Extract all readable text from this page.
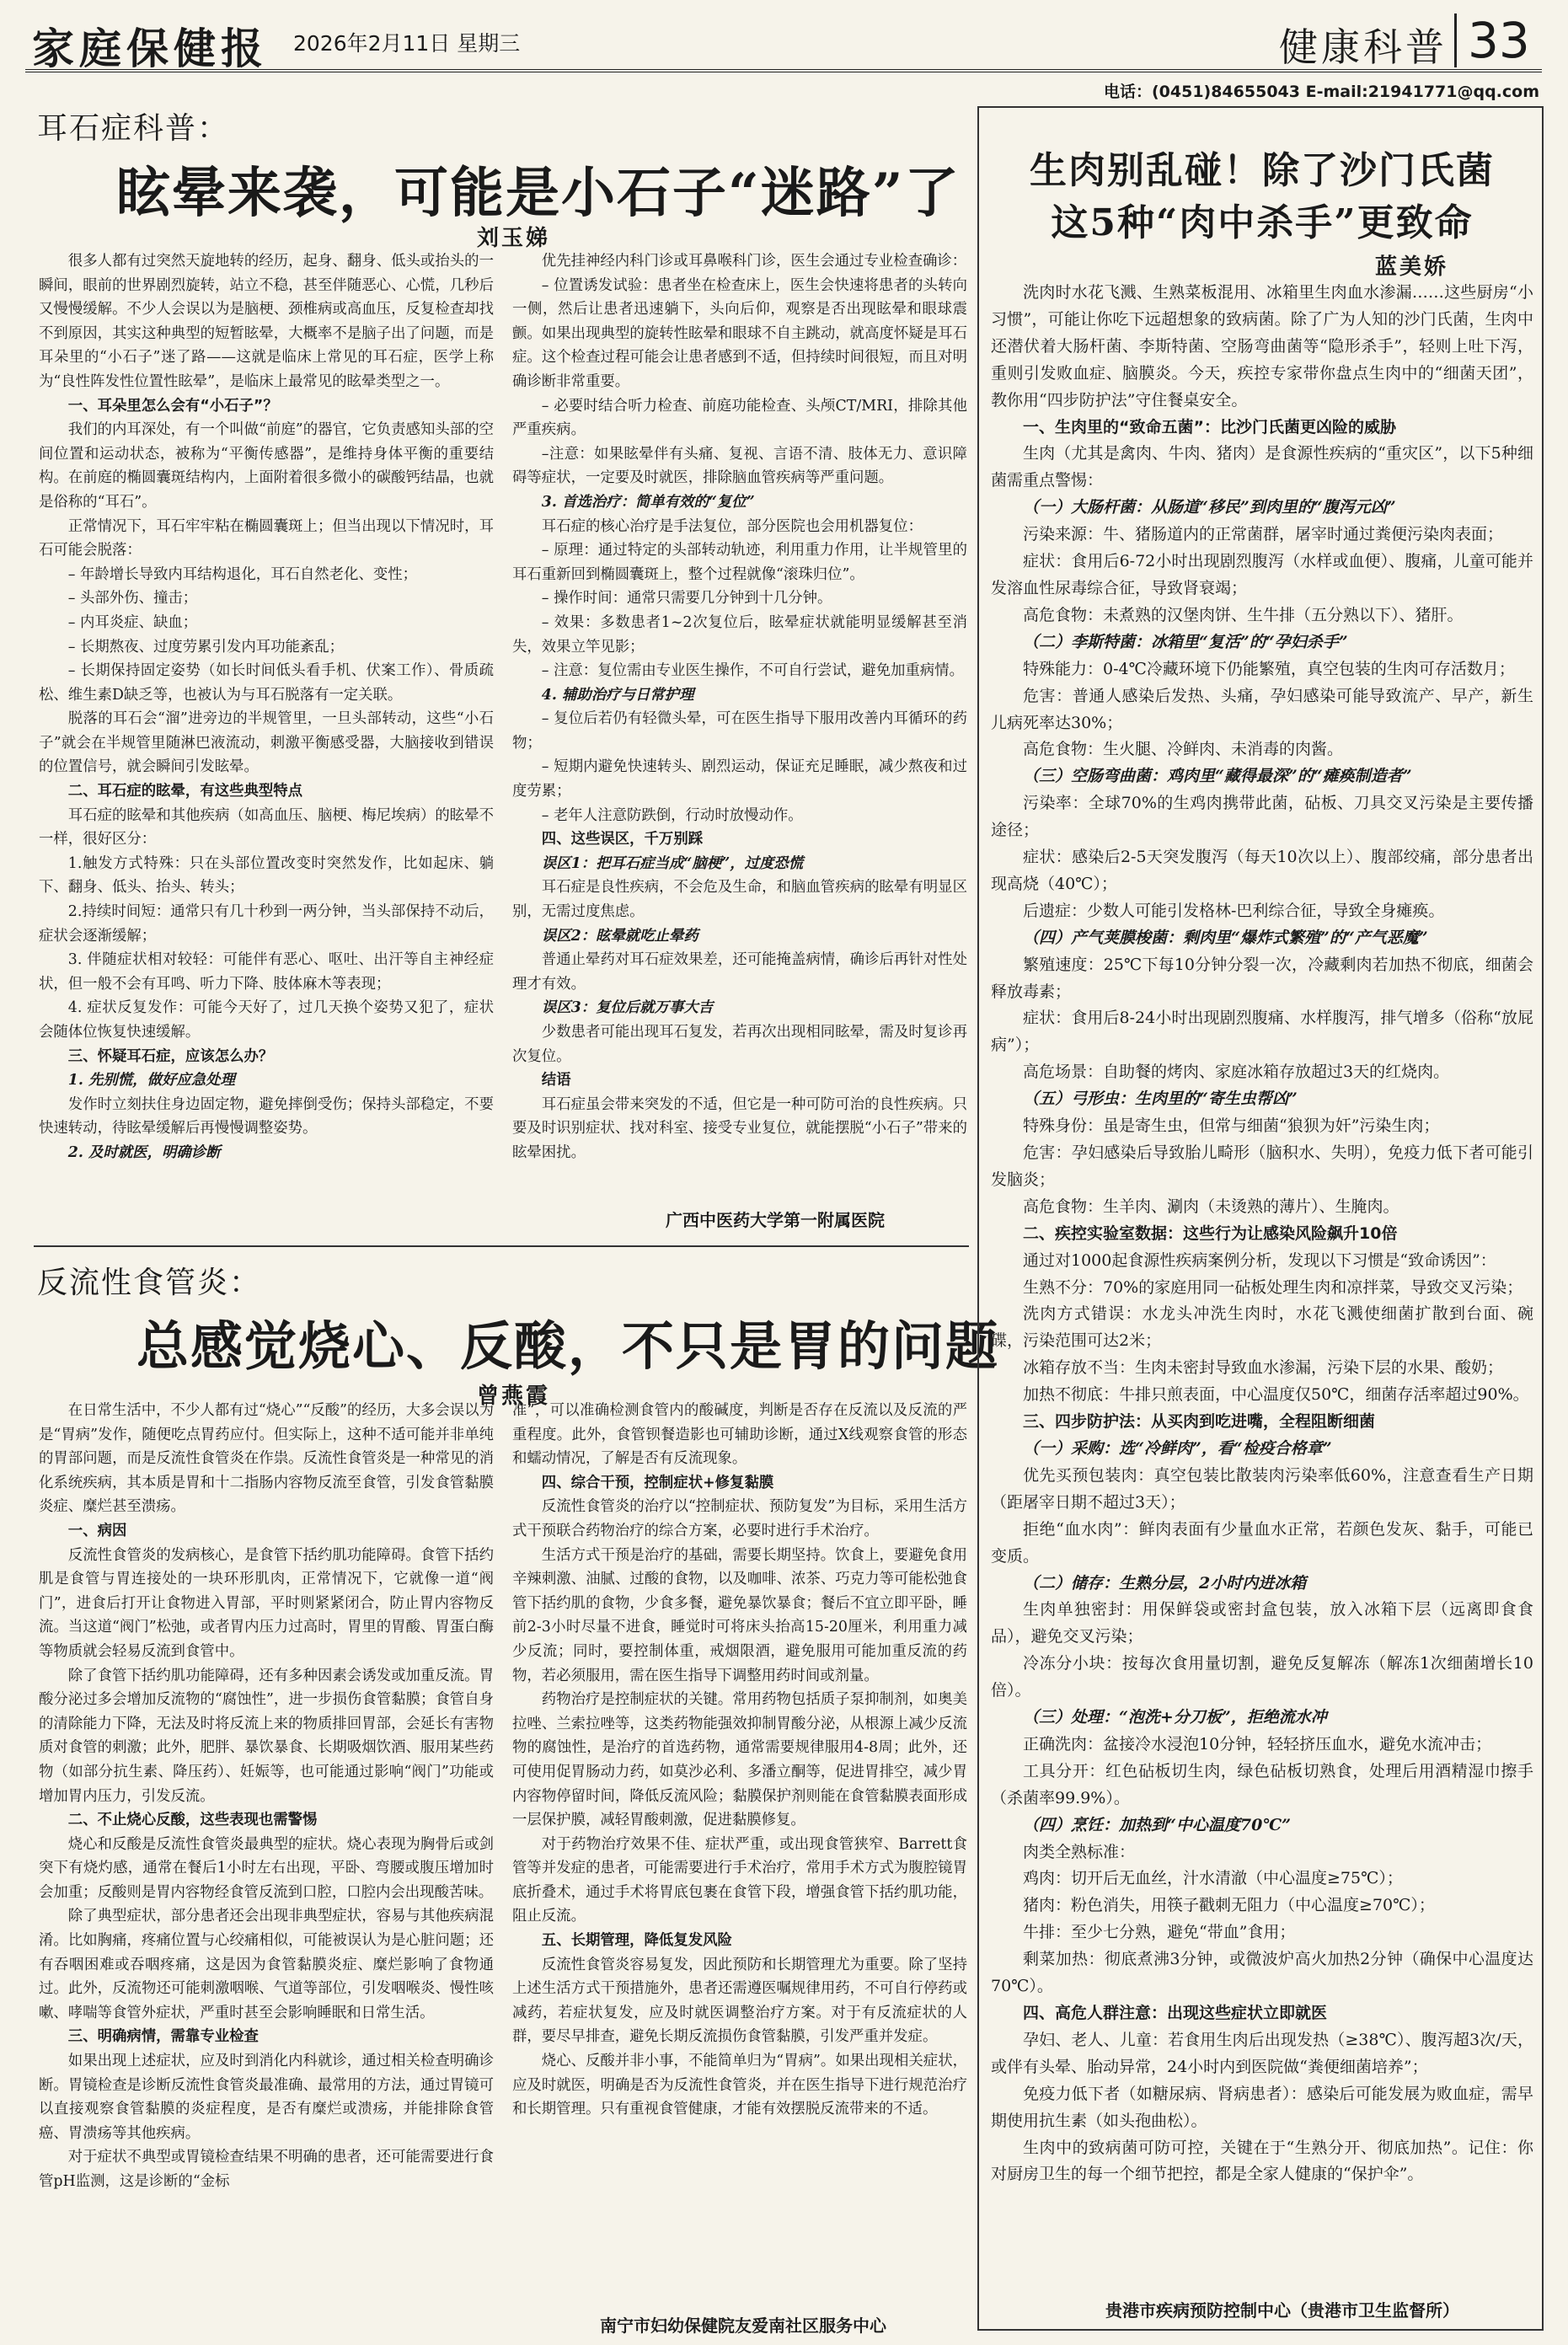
家庭保健报 2026年2月11日 星期三	健康科普 33
电话：(0451)84655043 E-mail:21941771@qq.com
耳石症科普 ：
眩晕来袭，可能是小石子“迷路”了
刘玉娣

很多人都有过突然天旋地转的经历，起身、翻身、低头或抬头的一瞬间，眼前的世界剧烈旋转，站立不稳，甚至伴随恶心、心慌，几秒后又慢慢缓解。不少人会误以为是脑梗、颈椎病或高血压，反复检查却找不到原因，其实这种典型的短暂眩晕，大概率不是脑子出了问题，而是耳朵里的“小石子”迷了路——这就是临床上常见的耳石症，医学上称为“良性阵发性位置性眩晕”，是临床上最常见的眩晕类型之一。

一、耳朵里怎么会有“小石子”？

我们的内耳深处，有一个叫做“前庭”的器官，它负责感知头部的空间位置和运动状态，被称为“平衡传感器”，是维持身体平衡的重要结构。在前庭的椭圆囊斑结构内，上面附着很多微小的碳酸钙结晶，也就是俗称的“耳石”。

正常情况下，耳石牢牢粘在椭圆囊斑上；但当出现以下情况时，耳石可能会脱落：

– 年龄增长导致内耳结构退化，耳石自然老化、变性；

– 头部外伤、撞击；

– 内耳炎症、缺血；

– 长期熬夜、过度劳累引发内耳功能紊乱；

– 长期保持固定姿势（如长时间低头看手机、伏案工作）、骨质疏松、维生素D缺乏等，也被认为与耳石脱落有一定关联。

脱落的耳石会“溜”进旁边的半规管里，一旦头部转动，这些“小石子”就会在半规管里随淋巴液流动，刺激平衡感受器，大脑接收到错误的位置信号，就会瞬间引发眩晕。

二、耳石症的眩晕，有这些典型特点

耳石症的眩晕和其他疾病（如高血压、脑梗、梅尼埃病）的眩晕不一样，很好区分：

1.触发方式特殊：只在头部位置改变时突然发作，比如起床、躺下、翻身、低头、抬头、转头；

2.持续时间短：通常只有几十秒到一两分钟，当头部保持不动后，症状会逐渐缓解；

3. 伴随症状相对较轻：可能伴有恶心、呕吐、出汗等自主神经症状，但一般不会有耳鸣、听力下降、肢体麻木等表现；

4. 症状反复发作：可能今天好了，过几天换个姿势又犯了，症状会随体位恢复快速缓解。

三、怀疑耳石症，应该怎么办？

1. 先别慌，做好应急处理

发作时立刻扶住身边固定物，避免摔倒受伤；保持头部稳定，不要快速转动，待眩晕缓解后再慢慢调整姿势。

2. 及时就医，明确诊断

优先挂神经内科门诊或耳鼻喉科门诊，医生会通过专业检查确诊：

– 位置诱发试验：患者坐在检查床上，医生会快速将患者的头转向一侧，然后让患者迅速躺下，头向后仰，观察是否出现眩晕和眼球震颤。如果出现典型的旋转性眩晕和眼球不自主跳动，就高度怀疑是耳石症。这个检查过程可能会让患者感到不适，但持续时间很短，而且对明确诊断非常重要。

– 必要时结合听力检查、前庭功能检查、头颅CT/MRI，排除其他严重疾病。

–注意：如果眩晕伴有头痛、复视、言语不清、肢体无力、意识障碍等症状，一定要及时就医，排除脑血管疾病等严重问题。

3. 首选治疗：简单有效的“复位”

耳石症的核心治疗是手法复位，部分医院也会用机器复位：

– 原理：通过特定的头部转动轨迹，利用重力作用，让半规管里的耳石重新回到椭圆囊斑上，整个过程就像“滚珠归位”。

– 操作时间：通常只需要几分钟到十几分钟。

– 效果：多数患者1~2次复位后，眩晕症状就能明显缓解甚至消失，效果立竿见影；

– 注意：复位需由专业医生操作，不可自行尝试，避免加重病情。

4. 辅助治疗与日常护理

– 复位后若仍有轻微头晕，可在医生指导下服用改善内耳循环的药物；

– 短期内避免快速转头、剧烈运动，保证充足睡眠，减少熬夜和过度劳累；

– 老年人注意防跌倒，行动时放慢动作。

四、这些误区，千万别踩

误区1：把耳石症当成“脑梗”，过度恐慌

耳石症是良性疾病，不会危及生命，和脑血管疾病的眩晕有明显区别，无需过度焦虑。

误区2：眩晕就吃止晕药

普通止晕药对耳石症效果差，还可能掩盖病情，确诊后再针对性处理才有效。

误区3：复位后就万事大吉

少数患者可能出现耳石复发，若再次出现相同眩晕，需及时复诊再次复位。

结语

耳石症虽会带来突发的不适，但它是一种可防可治的良性疾病。只要及时识别症状、找对科室、接受专业复位，就能摆脱“小石子”带来的眩晕困扰。

广西中医药大学第一附属医院
反流性食管炎 ：
总感觉烧心、反酸，不只是胃的问题
曾燕霞

在日常生活中，不少人都有过“烧心”“反酸”的经历，大多会误以为是“胃病”发作，随便吃点胃药应付。但实际上，这种不适可能并非单纯的胃部问题，而是反流性食管炎在作祟。反流性食管炎是一种常见的消化系统疾病，其本质是胃和十二指肠内容物反流至食管，引发食管黏膜炎症、糜烂甚至溃疡。

一、病因

反流性食管炎的发病核心，是食管下括约肌功能障碍。食管下括约肌是食管与胃连接处的一块环形肌肉，正常情况下，它就像一道“阀门”，进食后打开让食物进入胃部，平时则紧紧闭合，防止胃内容物反流。当这道“阀门”松弛，或者胃内压力过高时，胃里的胃酸、胃蛋白酶等物质就会轻易反流到食管中。

除了食管下括约肌功能障碍，还有多种因素会诱发或加重反流。胃酸分泌过多会增加反流物的“腐蚀性”，进一步损伤食管黏膜；食管自身的清除能力下降，无法及时将反流上来的物质排回胃部，会延长有害物质对食管的刺激；此外，肥胖、暴饮暴食、长期吸烟饮酒、服用某些药物（如部分抗生素、降压药）、妊娠等，也可能通过影响“阀门”功能或增加胃内压力，引发反流。

二、不止烧心反酸，这些表现也需警惕

烧心和反酸是反流性食管炎最典型的症状。烧心表现为胸骨后或剑突下有烧灼感，通常在餐后1小时左右出现，平卧、弯腰或腹压增加时会加重；反酸则是胃内容物经食管反流到口腔，口腔内会出现酸苦味。

除了典型症状，部分患者还会出现非典型症状，容易与其他疾病混淆。比如胸痛，疼痛位置与心绞痛相似，可能被误认为是心脏问题；还有吞咽困难或吞咽疼痛，这是因为食管黏膜炎症、糜烂影响了食物通过。此外，反流物还可能刺激咽喉、气道等部位，引发咽喉炎、慢性咳嗽、哮喘等食管外症状，严重时甚至会影响睡眠和日常生活。

三、明确病情，需靠专业检查

如果出现上述症状，应及时到消化内科就诊，通过相关检查明确诊断。胃镜检查是诊断反流性食管炎最准确、最常用的方法，通过胃镜可以直接观察食管黏膜的炎症程度，是否有糜烂或溃疡，并能排除食管癌、胃溃疡等其他疾病。

对于症状不典型或胃镜检查结果不明确的患者，还可能需要进行食管pH监测，这是诊断的“金标

准”，可以准确检测食管内的酸碱度，判断是否存在反流以及反流的严重程度。此外，食管钡餐造影也可辅助诊断，通过X线观察食管的形态和蠕动情况，了解是否有反流现象。

四、综合干预，控制症状+修复黏膜

反流性食管炎的治疗以“控制症状、预防复发”为目标，采用生活方式干预联合药物治疗的综合方案，必要时进行手术治疗。

生活方式干预是治疗的基础，需要长期坚持。饮食上，要避免食用辛辣刺激、油腻、过酸的食物，以及咖啡、浓茶、巧克力等可能松弛食管下括约肌的食物，少食多餐，避免暴饮暴食；餐后不宜立即平卧，睡前2-3小时尽量不进食，睡觉时可将床头抬高15-20厘米，利用重力减少反流；同时，要控制体重，戒烟限酒，避免服用可能加重反流的药物，若必须服用，需在医生指导下调整用药时间或剂量。

药物治疗是控制症状的关键。常用药物包括质子泵抑制剂，如奥美拉唑、兰索拉唑等，这类药物能强效抑制胃酸分泌，从根源上减少反流物的腐蚀性，是治疗的首选药物，通常需要规律服用4-8周；此外，还可使用促胃肠动力药，如莫沙必利、多潘立酮等，促进胃排空，减少胃内容物停留时间，降低反流风险；黏膜保护剂则能在食管黏膜表面形成一层保护膜，减轻胃酸刺激，促进黏膜修复。

对于药物治疗效果不佳、症状严重，或出现食管狭窄、Barrett食管等并发症的患者，可能需要进行手术治疗，常用手术方式为腹腔镜胃底折叠术，通过手术将胃底包裹在食管下段，增强食管下括约肌功能，阻止反流。

五、长期管理，降低复发风险

反流性食管炎容易复发，因此预防和长期管理尤为重要。除了坚持上述生活方式干预措施外，患者还需遵医嘱规律用药，不可自行停药或减药，若症状复发，应及时就医调整治疗方案。对于有反流症状的人群，要尽早排查，避免长期反流损伤食管黏膜，引发严重并发症。

烧心、反酸并非小事，不能简单归为“胃病”。如果出现相关症状，应及时就医，明确是否为反流性食管炎，并在医生指导下进行规范治疗和长期管理。只有重视食管健康，才能有效摆脱反流带来的不适。

南宁市妇幼保健院友爱南社区服务中心
生肉别乱碰！除了沙门氏菌
这5种“肉中杀手”更致命
蓝美娇

洗肉时水花飞溅、生熟菜板混用、冰箱里生肉血水渗漏……这些厨房“小习惯”，可能让你吃下远超想象的致病菌。除了广为人知的沙门氏菌，生肉中还潜伏着大肠杆菌、李斯特菌、空肠弯曲菌等“隐形杀手”，轻则上吐下泻，重则引发败血症、脑膜炎。今天，疾控专家带你盘点生肉中的“细菌天团”，教你用“四步防护法”守住餐桌安全。

一、生肉里的“致命五菌”：比沙门氏菌更凶险的威胁

生肉（尤其是禽肉、牛肉、猪肉）是食源性疾病的“重灾区”，以下5种细菌需重点警惕：

（一）大肠杆菌：从肠道“移民”到肉里的“腹泻元凶”

污染来源：牛、猪肠道内的正常菌群，屠宰时通过粪便污染肉表面；

症状：食用后6-72小时出现剧烈腹泻（水样或血便）、腹痛，儿童可能并发溶血性尿毒综合征，导致肾衰竭；

高危食物：未煮熟的汉堡肉饼、生牛排（五分熟以下）、猪肝。

（二）李斯特菌：冰箱里“复活”的“孕妇杀手”

特殊能力：0-4℃冷藏环境下仍能繁殖，真空包装的生肉可存活数月；

危害：普通人感染后发热、头痛，孕妇感染可能导致流产、早产，新生儿病死率达30%；

高危食物：生火腿、冷鲜肉、未消毒的肉酱。

（三）空肠弯曲菌：鸡肉里“藏得最深”的“瘫痪制造者”

污染率：全球70%的生鸡肉携带此菌，砧板、刀具交叉污染是主要传播途径；

症状：感染后2-5天突发腹泻（每天10次以上）、腹部绞痛，部分患者出现高烧（40℃）；

后遗症：少数人可能引发格林-巴利综合征，导致全身瘫痪。

（四）产气荚膜梭菌：剩肉里“爆炸式繁殖”的“产气恶魔”

繁殖速度：25℃下每10分钟分裂一次，冷藏剩肉若加热不彻底，细菌会释放毒素；

症状：食用后8-24小时出现剧烈腹痛、水样腹泻，排气增多（俗称“放屁病”）；

高危场景：自助餐的烤肉、家庭冰箱存放超过3天的红烧肉。

（五）弓形虫：生肉里的“寄生虫帮凶”

特殊身份：虽是寄生虫，但常与细菌“狼狈为奸”污染生肉；

危害：孕妇感染后导致胎儿畸形（脑积水、失明），免疫力低下者可能引发脑炎；

高危食物：生羊肉、涮肉（未烫熟的薄片）、生腌肉。

二、疾控实验室数据：这些行为让感染风险飙升10倍

通过对1000起食源性疾病案例分析，发现以下习惯是“致命诱因”：

生熟不分：70%的家庭用同一砧板处理生肉和凉拌菜，导致交叉污染；

洗肉方式错误：水龙头冲洗生肉时，水花飞溅使细菌扩散到台面、碗碟，污染范围可达2米；

冰箱存放不当：生肉未密封导致血水渗漏，污染下层的水果、酸奶；

加热不彻底：牛排只煎表面，中心温度仅50℃，细菌存活率超过90%。

三、四步防护法：从买肉到吃进嘴，全程阻断细菌

（一）采购：选“冷鲜肉”，看“检疫合格章”

优先买预包装肉：真空包装比散装肉污染率低60%，注意查看生产日期（距屠宰日期不超过3天）；

拒绝“血水肉”：鲜肉表面有少量血水正常，若颜色发灰、黏手，可能已变质。

（二）储存：生熟分层，2小时内进冰箱

生肉单独密封：用保鲜袋或密封盒包装，放入冰箱下层（远离即食食品），避免交叉污染；

冷冻分小块：按每次食用量切割，避免反复解冻（解冻1次细菌增长10倍）。

（三）处理：“泡洗+分刀板”，拒绝流水冲

正确洗肉：盆接冷水浸泡10分钟，轻轻挤压血水，避免水流冲击；

工具分开：红色砧板切生肉，绿色砧板切熟食，处理后用酒精湿巾擦手（杀菌率99.9%）。

（四）烹饪：加热到“中心温度70℃”

肉类全熟标准：

鸡肉：切开后无血丝，汁水清澈（中心温度≥75℃）；

猪肉：粉色消失，用筷子戳刺无阻力（中心温度≥70℃）；

牛排：至少七分熟，避免“带血”食用；

剩菜加热：彻底煮沸3分钟，或微波炉高火加热2分钟（确保中心温度达70℃）。

四、高危人群注意：出现这些症状立即就医

孕妇、老人、儿童：若食用生肉后出现发热（≥38℃）、腹泻超3次/天，或伴有头晕、胎动异常，24小时内到医院做“粪便细菌培养”；

免疫力低下者（如糖尿病、肾病患者）：感染后可能发展为败血症，需早期使用抗生素（如头孢曲松）。

生肉中的致病菌可防可控，关键在于“生熟分开、彻底加热”。记住：你对厨房卫生的每一个细节把控，都是全家人健康的“保护伞”。

贵港市疾病预防控制中心（贵港市卫生监督所）
